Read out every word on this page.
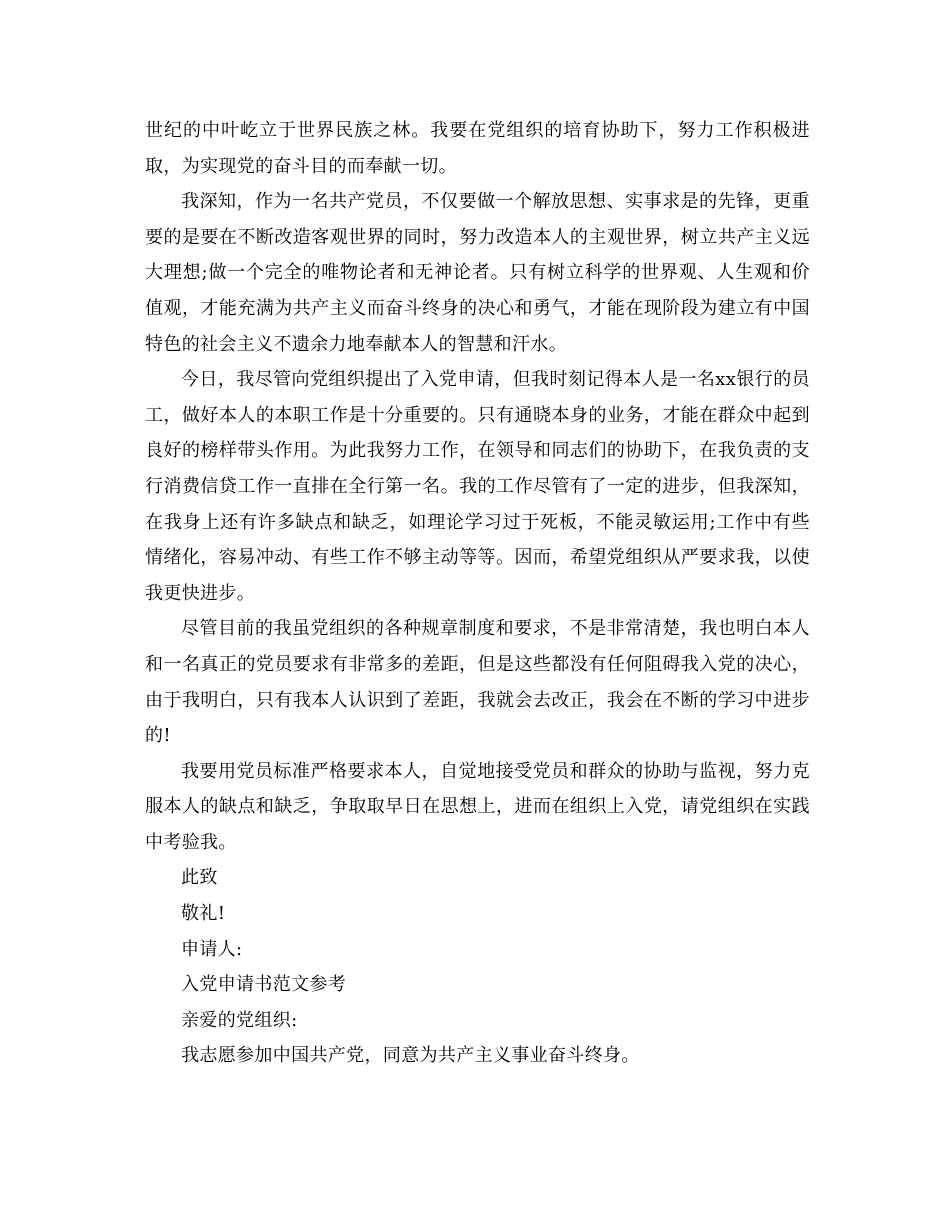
世纪的中叶屹立于世界民族之林。我要在党组织的培育协助下，努力工作积极进取，为实现党的奋斗目的而奉献一切。

我深知，作为一名共产党员，不仅要做一个解放思想、实事求是的先锋，更重要的是要在不断改造客观世界的同时，努力改造本人的主观世界，树立共产主义远大理想;做一个完全的唯物论者和无神论者。只有树立科学的世界观、人生观和价值观，才能充满为共产主义而奋斗终身的决心和勇气，才能在现阶段为建立有中国特色的社会主义不遗余力地奉献本人的智慧和汗水。

今日，我尽管向党组织提出了入党申请，但我时刻记得本人是一名xx银行的员工，做好本人的本职工作是十分重要的。只有通晓本身的业务，才能在群众中起到良好的榜样带头作用。为此我努力工作，在领导和同志们的协助下，在我负责的支行消费信贷工作一直排在全行第一名。我的工作尽管有了一定的进步，但我深知，在我身上还有许多缺点和缺乏，如理论学习过于死板，不能灵敏运用;工作中有些情绪化，容易冲动、有些工作不够主动等等。因而，希望党组织从严要求我，以使我更快进步。

尽管目前的我虽党组织的各种规章制度和要求，不是非常清楚，我也明白本人和一名真正的党员要求有非常多的差距，但是这些都没有任何阻碍我入党的决心，由于我明白，只有我本人认识到了差距，我就会去改正，我会在不断的学习中进步的!

我要用党员标准严格要求本人，自觉地接受党员和群众的协助与监视，努力克服本人的缺点和缺乏，争取取早日在思想上，进而在组织上入党，请党组织在实践中考验我。

此致

敬礼!

申请人:

入党申请书范文参考

亲爱的党组织:

我志愿参加中国共产党，同意为共产主义事业奋斗终身。
